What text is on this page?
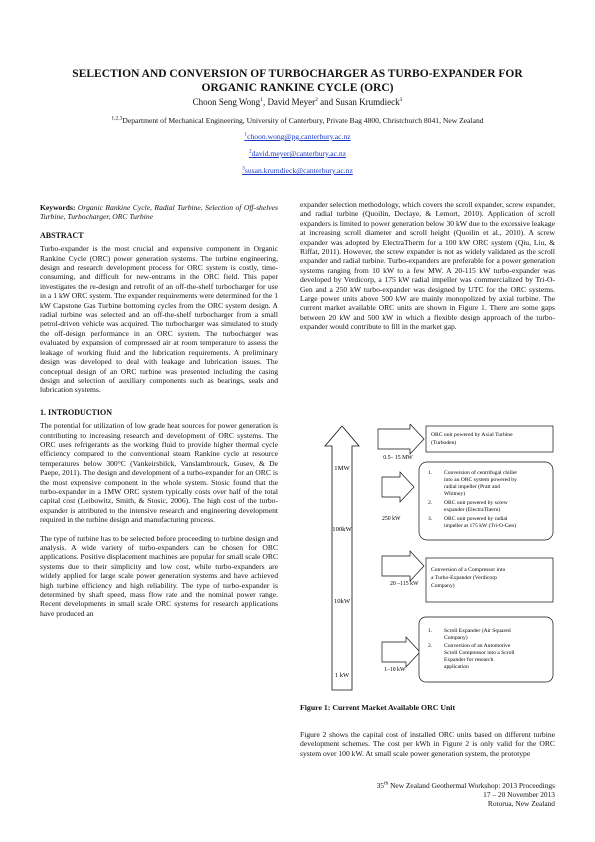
SELECTION AND CONVERSION OF TURBOCHARGER AS TURBO-EXPANDER FOR
ORGANIC RANKINE CYCLE (ORC)
Choon Seng Wong$^1$, David Meyer$^2$ and Susan Krumdieck$^3$
$^{1,2,3}$Department of Mechanical Engineering, University of Canterbury, Private Bag 4800, Christchurch 8041, New Zealand
$^1$choon.wong@pg.canterbury.ac.nz
$^2$david.meyer@canterbury.ac.nz
$^3$susan.krumdieck@canterbury.ac.nz

Keywords: Organic Rankine Cycle, Radial Turbine, Selection of Off-shelves Turbine, Turbocharger, ORC Turbine

ABSTRACT

Turbo-expander is the most crucial and expensive component in Organic Rankine Cycle (ORC) power generation systems. The turbine engineering, design and research development process for ORC system is costly, time-consuming, and difficult for new-entrants in the ORC field. This paper investigates the re-design and retrofit of an off-the-shelf turbocharger for use in a 1 kW ORC system. The expander requirements were determined for the 1 kW Capstone Gas Turbine bottoming cycles from the ORC system design. A radial turbine was selected and an off-the-shelf turbocharger from a small petrol-driven vehicle was acquired. The turbocharger was simulated to study the off-design performance in an ORC system. The turbocharger was evaluated by expansion of compressed air at room temperature to assess the leakage of working fluid and the lubrication requirements. A preliminary design was developed to deal with leakage and lubrication issues. The conceptual design of an ORC turbine was presented including the casing design and selection of auxiliary components such as bearings, seals and lubrication systems.

1. INTRODUCTION

The potential for utilization of low grade heat sources for power generation is contributing to increasing research and development of ORC systems. The ORC uses refrigerants as the working fluid to provide higher thermal cycle efficiency compared to the conventional steam Rankine cycle at resource temperatures below 300°C (Vankeirsbilck, Vanslambrouck, Gusev, & De Paepe, 2011). The design and development of a turbo-expander for an ORC is the most expensive component in the whole system. Stosic found that the turbo-expander in a 1MW ORC system typically costs over half of the total capital cost (Leibowitz, Smith, & Stosic, 2006). The high cost of the turbo-expander is attributed to the intensive research and engineering development required in the turbine design and manufacturing process.

The type of turbine has to be selected before proceeding to turbine design and analysis. A wide variety of turbo-expanders can be chosen for ORC applications. Positive displacement machines are popular for small scale ORC systems due to their simplicity and low cost, while turbo-expanders are widely applied for large scale power generation systems and have achieved high turbine efficiency and high reliability. The type of turbo-expander is determined by shaft speed, mass flow rate and the nominal power range. Recent developments in small scale ORC systems for research applications have produced an

expander selection methodology, which covers the scroll expander, screw expander, and radial turbine (Quoilin, Declaye, & Lemort, 2010). Application of scroll expanders is limited to power generation below 30 kW due to the excessive leakage at increasing scroll diameter and scroll height (Quoilin et al., 2010). A screw expander was adopted by ElectraTherm for a 100 kW ORC system (Qiu, Liu, & Riffat, 2011). However, the screw expander is not as widely validated as the scroll expander and radial turbine. Turbo-expanders are preferable for a power generation systems ranging from 10 kW to a few MW. A 20-115 kW turbo-expander was developed by Verdicorp, a 175 kW radial impeller was commercialized by Tri-O-Gen and a 250 kW turbo-expander was designed by UTC for the ORC systems. Large power units above 500 kW are mainly monopolized by axial turbine. The current market available ORC units are shown in Figure 1. There are some gaps between 20 kW and 500 kW in which a flexible design approach of the turbo-expander would contribute to fill in the market gap.

1MW
100kW
10kW
1 kW
0.5– 15 MW
ORC unit powered by Axial Turbine
(Turboden)
250 kW
1. Conversion of centrifugal chiller
into an ORC system powered by
radial impeller (Pratt and
Whitney)
2. ORC unit powered by screw
expander (ElectraTherm)
3. ORC unit powered by radial
impeller at 175 kW (Tri-O-Gen)
20 –115 kW
Conversion of a Compressor into
a Turbo-Expander (Verdicorp
Company)
1–10 kW
1. Scroll Expander (Air Squared
Company)
2. Conversion of an Automotive
Scroll Compressor into a Scroll
Expander for research
application
Figure 1: Current Market Available ORC Unit

Figure 2 shows the capital cost of installed ORC units based on different turbine development schemes. The cost per kWh in Figure 2 is only valid for the ORC system over 100 kW. At small scale power generation system, the prototype

35th New Zealand Geothermal Workshop: 2013 Proceedings
17 – 20 November 2013
Rotorua, New Zealand
